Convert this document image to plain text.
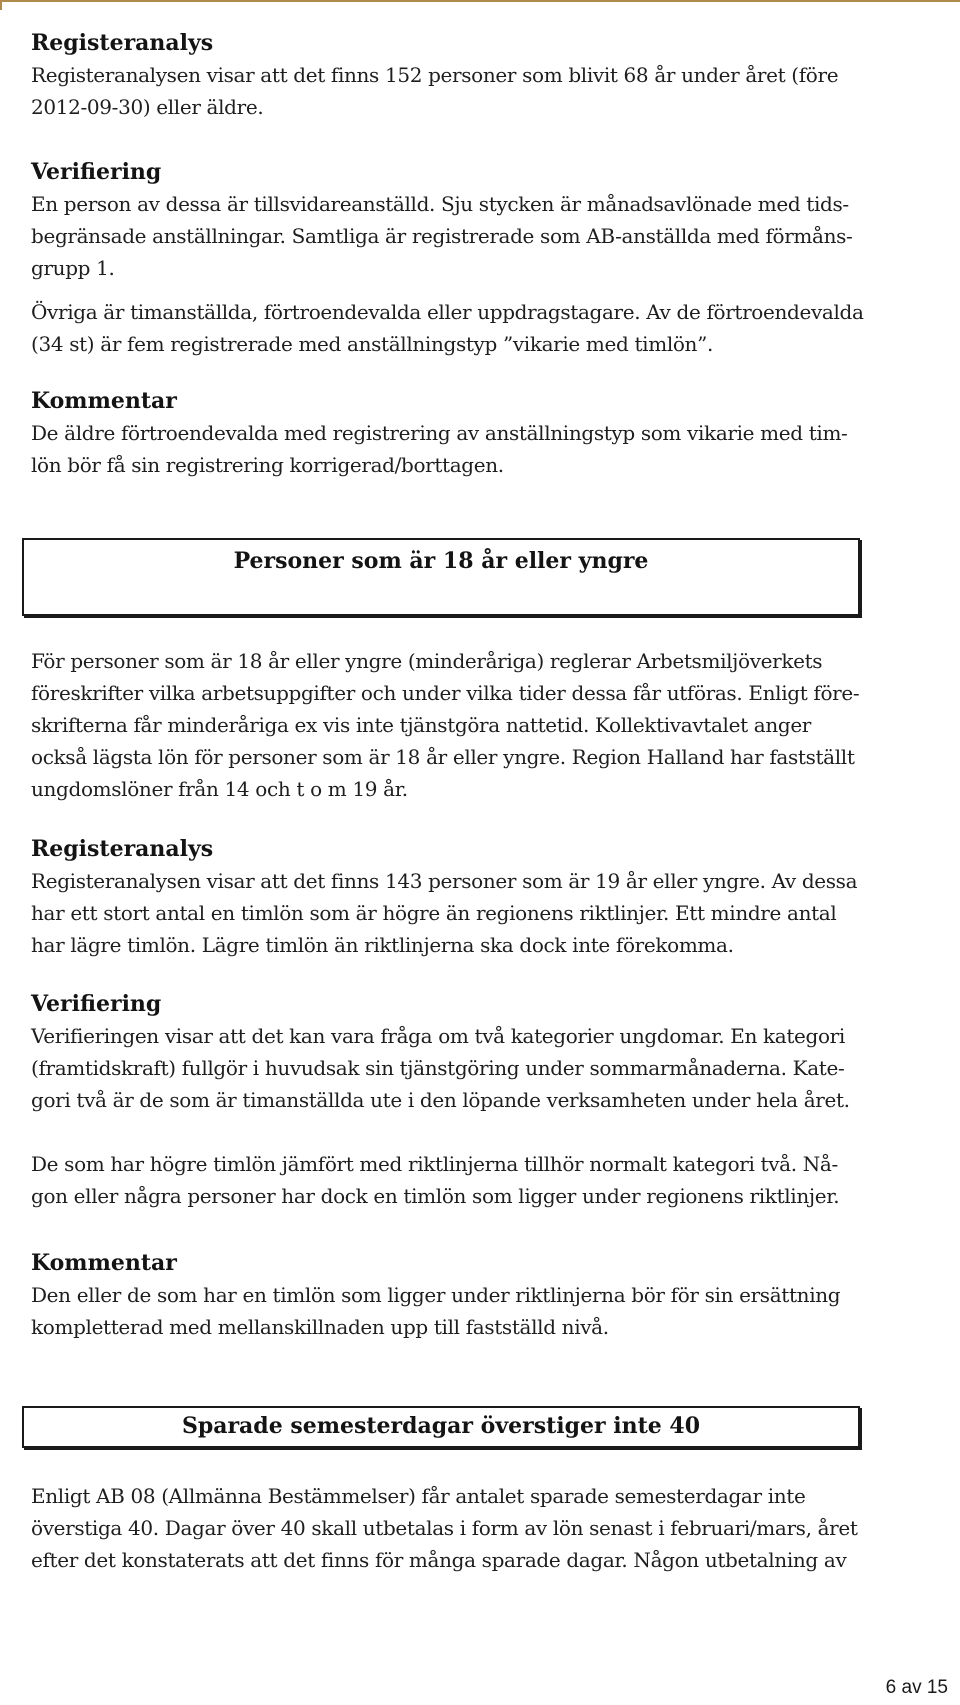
Registeranalys
Registeranalysen visar att det finns 152 personer som blivit 68 år under året (före
2012-09-30) eller äldre.
Verifiering
En person av dessa är tillsvidareanställd. Sju stycken är månadsavlönade med tids-
begränsade anställningar. Samtliga är registrerade som AB-anställda med förmåns-
grupp 1.
Övriga är timanställda, förtroendevalda eller uppdragstagare. Av de förtroendevalda
(34 st) är fem registrerade med anställningstyp ”vikarie med timlön”.
Kommentar
De äldre förtroendevalda med registrering av anställningstyp som vikarie med tim-
lön bör få sin registrering korrigerad/borttagen.
Personer som är 18 år eller yngre
För personer som är 18 år eller yngre (minderåriga) reglerar Arbetsmiljöverkets
föreskrifter vilka arbetsuppgifter och under vilka tider dessa får utföras. Enligt före-
skrifterna får minderåriga ex vis inte tjänstgöra nattetid. Kollektivavtalet anger
också lägsta lön för personer som är 18 år eller yngre. Region Halland har fastställt
ungdomslöner från 14 och t o m 19 år.
Registeranalys
Registeranalysen visar att det finns 143 personer som är 19 år eller yngre. Av dessa
har ett stort antal en timlön som är högre än regionens riktlinjer. Ett mindre antal
har lägre timlön. Lägre timlön än riktlinjerna ska dock inte förekomma.
Verifiering
Verifieringen visar att det kan vara fråga om två kategorier ungdomar. En kategori
(framtidskraft) fullgör i huvudsak sin tjänstgöring under sommarmånaderna. Kate-
gori två är de som är timanställda ute i den löpande verksamheten under hela året.
De som har högre timlön jämfört med riktlinjerna tillhör normalt kategori två. Nå-
gon eller några personer har dock en timlön som ligger under regionens riktlinjer.
Kommentar
Den eller de som har en timlön som ligger under riktlinjerna bör för sin ersättning
kompletterad med mellanskillnaden upp till fastställd nivå.
Sparade semesterdagar överstiger inte 40
Enligt AB 08 (Allmänna Bestämmelser) får antalet sparade semesterdagar inte
överstiga 40. Dagar över 40 skall utbetalas i form av lön senast i februari/mars, året
efter det konstaterats att det finns för många sparade dagar. Någon utbetalning av
6 av 15
